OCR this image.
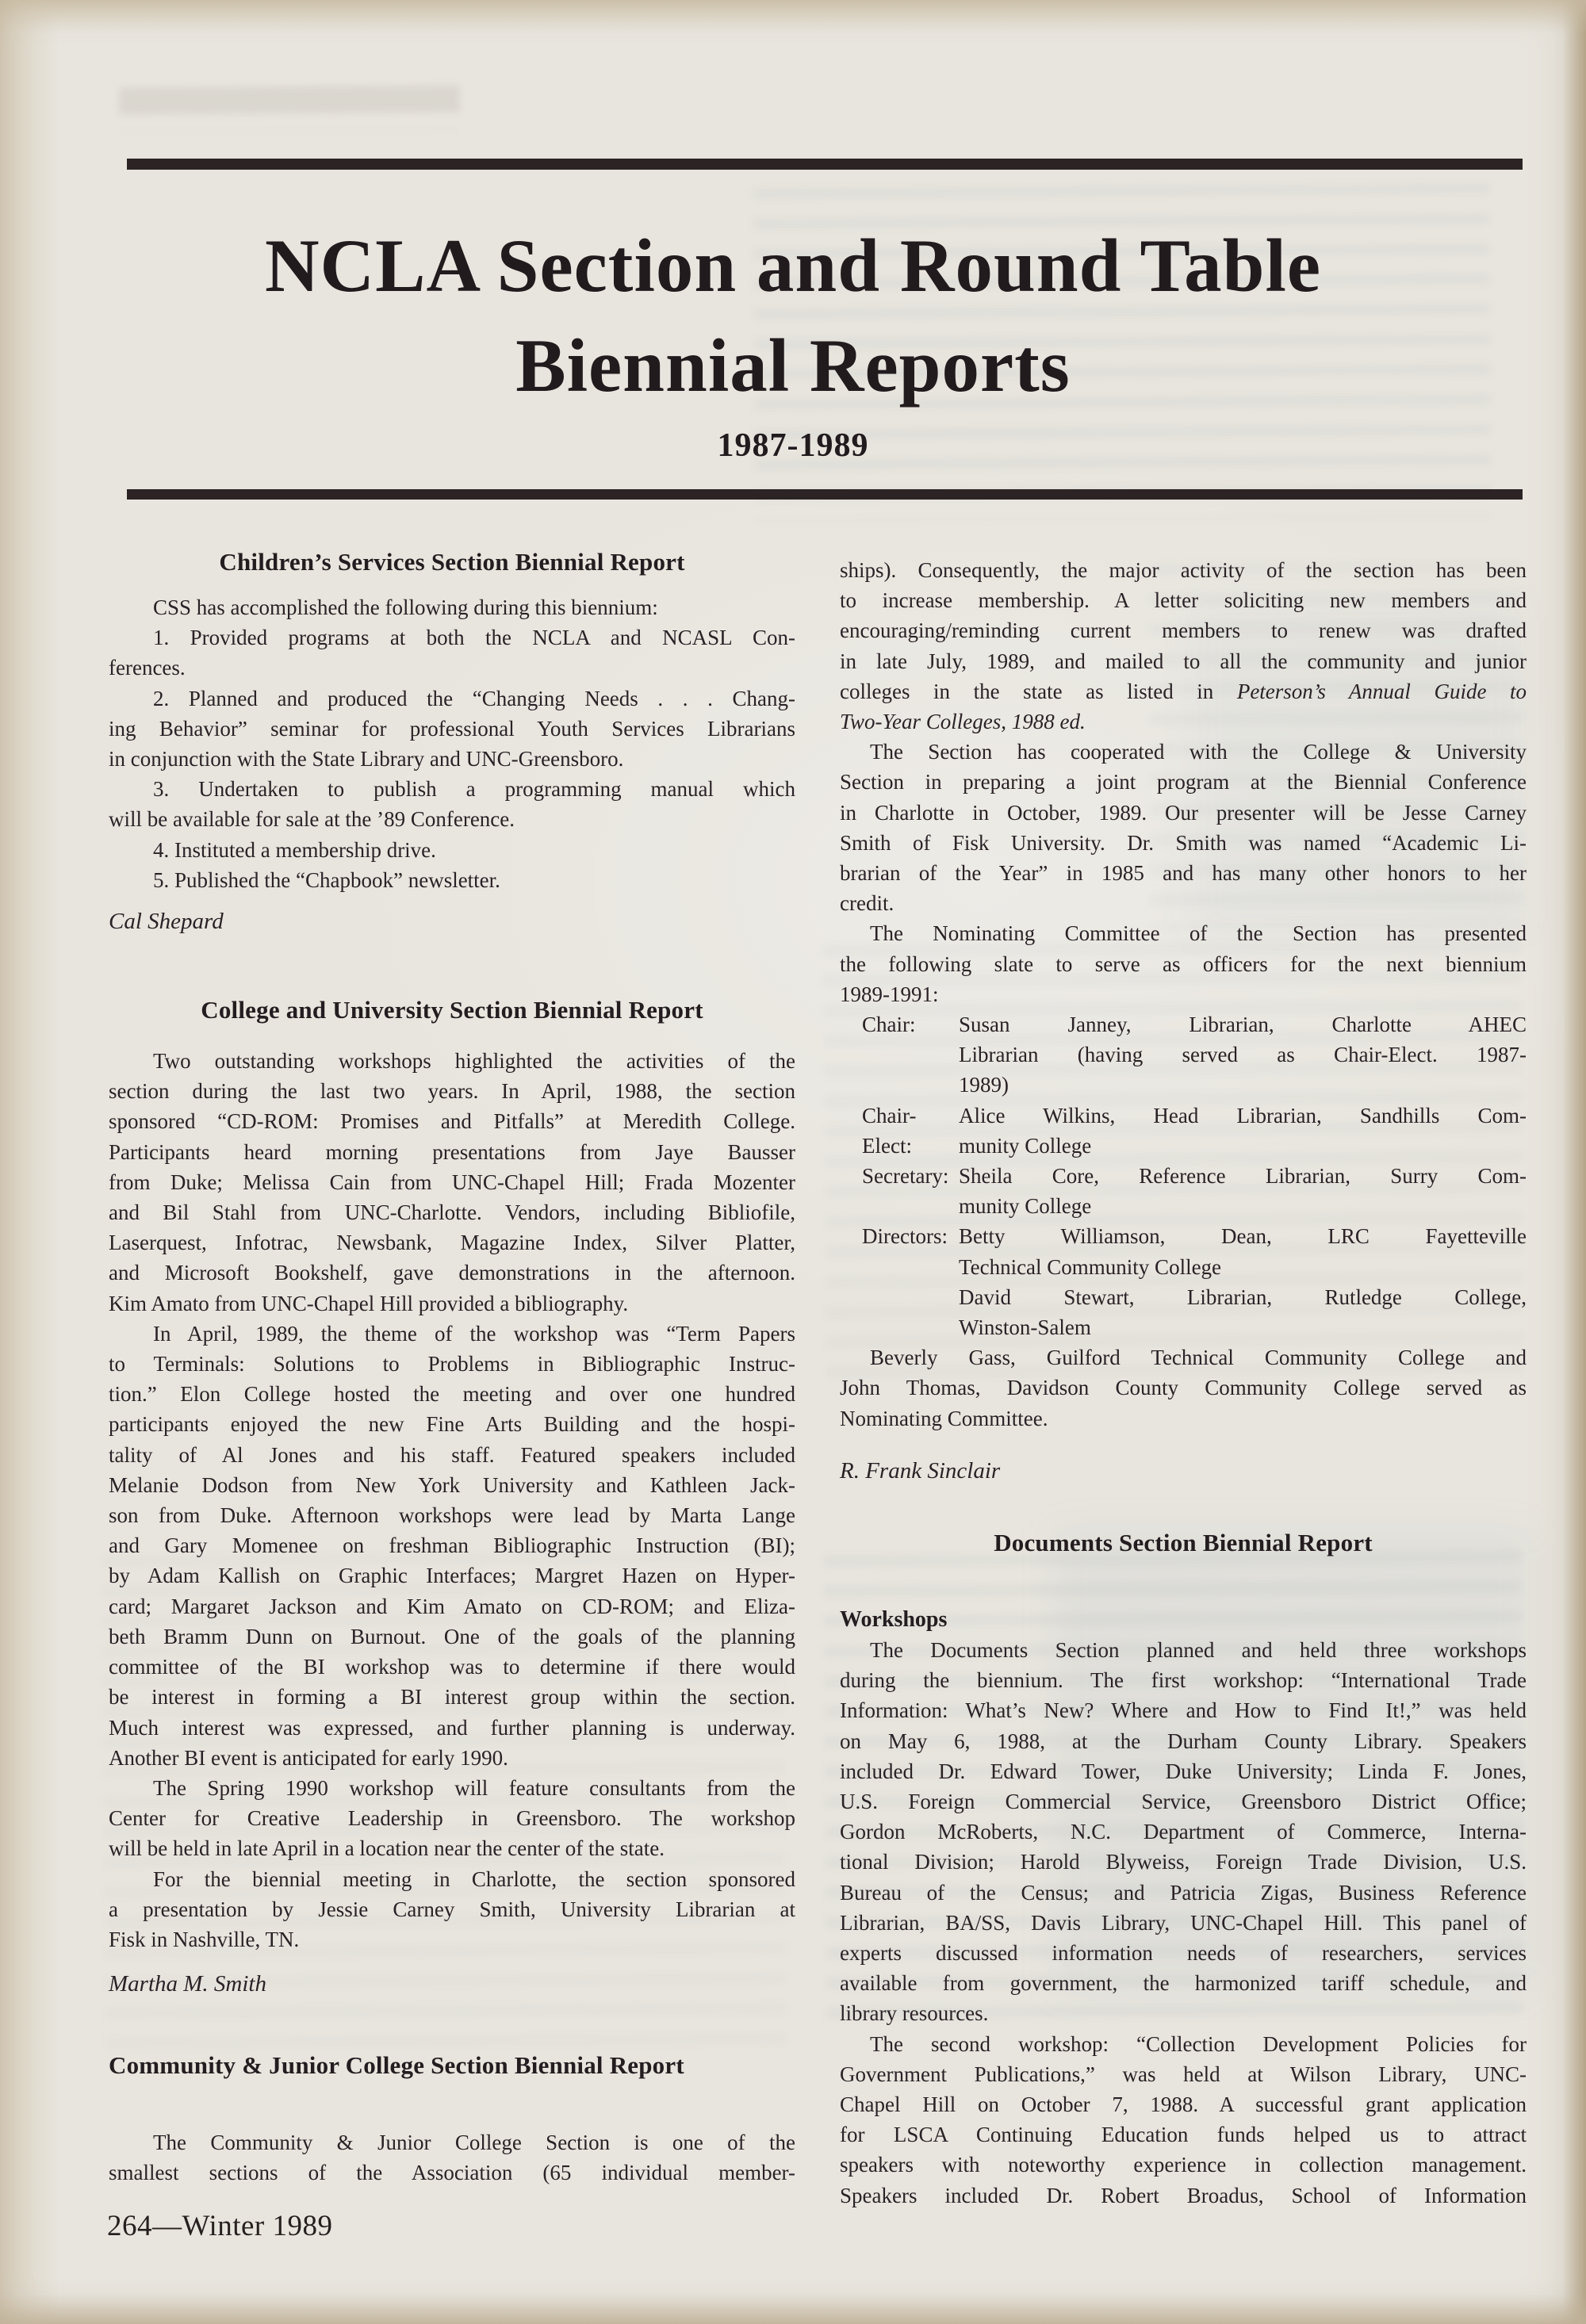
NCLA Section and Round Table
Biennial Reports
1987-1989
Children’s Services Section Biennial Report
CSS has accomplished the following during this biennium:
1. Provided programs at both the NCLA and NCASL Con-
ferences.
2. Planned and produced the “Changing Needs . . . Chang-
ing Behavior” seminar for professional Youth Services Librarians
in conjunction with the State Library and UNC-Greensboro.
3. Undertaken to publish a programming manual which
will be available for sale at the ’89 Conference.
4. Instituted a membership drive.
5. Published the “Chapbook” newsletter.
Cal Shepard
College and University Section Biennial Report
Two outstanding workshops highlighted the activities of the
section during the last two years. In April, 1988, the section
sponsored “CD-ROM: Promises and Pitfalls” at Meredith College.
Participants heard morning presentations from Jaye Bausser
from Duke; Melissa Cain from UNC-Chapel Hill; Frada Mozenter
and Bil Stahl from UNC-Charlotte. Vendors, including Bibliofile,
Laserquest, Infotrac, Newsbank, Magazine Index, Silver Platter,
and Microsoft Bookshelf, gave demonstrations in the afternoon.
Kim Amato from UNC-Chapel Hill provided a bibliography.
In April, 1989, the theme of the workshop was “Term Papers
to Terminals: Solutions to Problems in Bibliographic Instruc-
tion.” Elon College hosted the meeting and over one hundred
participants enjoyed the new Fine Arts Building and the hospi-
tality of Al Jones and his staff. Featured speakers included
Melanie Dodson from New York University and Kathleen Jack-
son from Duke. Afternoon workshops were lead by Marta Lange
and Gary Momenee on freshman Bibliographic Instruction (BI);
by Adam Kallish on Graphic Interfaces; Margret Hazen on Hyper-
card; Margaret Jackson and Kim Amato on CD-ROM; and Eliza-
beth Bramm Dunn on Burnout. One of the goals of the planning
committee of the BI workshop was to determine if there would
be interest in forming a BI interest group within the section.
Much interest was expressed, and further planning is underway.
Another BI event is anticipated for early 1990.
The Spring 1990 workshop will feature consultants from the
Center for Creative Leadership in Greensboro. The workshop
will be held in late April in a location near the center of the state.
For the biennial meeting in Charlotte, the section sponsored
a presentation by Jessie Carney Smith, University Librarian at
Fisk in Nashville, TN.
Martha M. Smith
Community & Junior College Section Biennial Report
The Community & Junior College Section is one of the
smallest sections of the Association (65 individual member-
ships). Consequently, the major activity of the section has been
to increase membership. A letter soliciting new members and
encouraging/reminding current members to renew was drafted
in late July, 1989, and mailed to all the community and junior
colleges in the state as listed in Peterson’s Annual Guide to
Two-Year Colleges, 1988 ed.
The Section has cooperated with the College & University
Section in preparing a joint program at the Biennial Conference
in Charlotte in October, 1989. Our presenter will be Jesse Carney
Smith of Fisk University. Dr. Smith was named “Academic Li-
brarian of the Year” in 1985 and has many other honors to her
credit.
The Nominating Committee of the Section has presented
the following slate to serve as officers for the next biennium
1989-1991:
Chair:	Susan Janney, Librarian, Charlotte AHEC
Librarian (having served as Chair-Elect. 1987-
1989)
Chair-Elect:
Alice Wilkins, Head Librarian, Sandhills Com-
munity College
Secretary: Sheila Core, Reference Librarian, Surry Com-
munity College
Directors: Betty Williamson, Dean, LRC Fayetteville
Technical Community College
David Stewart, Librarian, Rutledge College,
Winston-Salem
Beverly Gass, Guilford Technical Community College and
John Thomas, Davidson County Community College served as
Nominating Committee.
R. Frank Sinclair
Documents Section Biennial Report
Workshops
The Documents Section planned and held three workshops
during the biennium. The first workshop: “International Trade
Information: What’s New? Where and How to Find It!,” was held
on May 6, 1988, at the Durham County Library. Speakers
included Dr. Edward Tower, Duke University; Linda F. Jones,
U.S. Foreign Commercial Service, Greensboro District Office;
Gordon McRoberts, N.C. Department of Commerce, Interna-
tional Division; Harold Blyweiss, Foreign Trade Division, U.S.
Bureau of the Census; and Patricia Zigas, Business Reference
Librarian, BA/SS, Davis Library, UNC-Chapel Hill. This panel of
experts discussed information needs of researchers, services
available from government, the harmonized tariff schedule, and
library resources.
The second workshop: “Collection Development Policies for
Government Publications,” was held at Wilson Library, UNC-
Chapel Hill on October 7, 1988. A successful grant application
for LSCA Continuing Education funds helped us to attract
speakers with noteworthy experience in collection management.
Speakers included Dr. Robert Broadus, School of Information
264—Winter 1989
